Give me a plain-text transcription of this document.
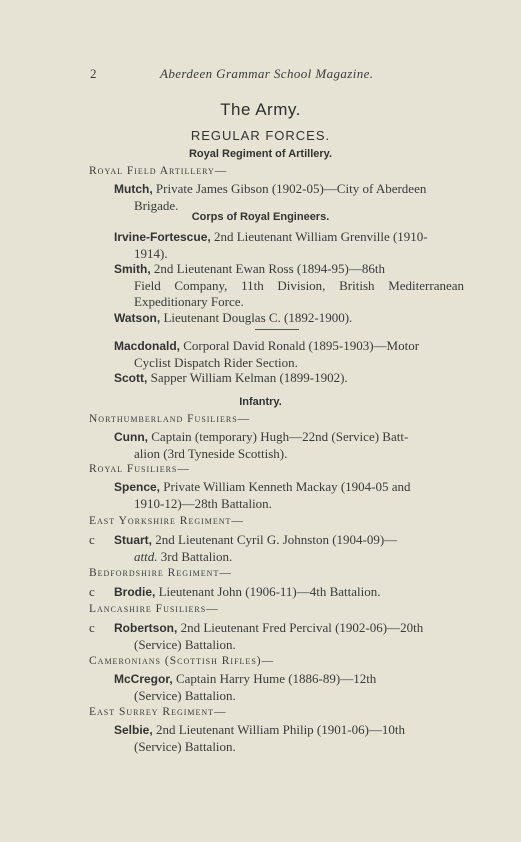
2	Aberdeen Grammar School Magazine.
The Army.
REGULAR FORCES.
Royal Regiment of Artillery.
Royal Field Artillery—
Mutch, Private James Gibson (1902-05)—City of Aberdeen
Brigade.
Corps of Royal Engineers.
Irvine-Fortescue, 2nd Lieutenant William Grenville (1910-
1914).
Smith, 2nd Lieutenant Ewan Ross (1894-95)—86th
Field Company, 11th Division, British Mediterranean Expeditionary Force.
Watson, Lieutenant Douglas C. (1892-1900).
Macdonald, Corporal David Ronald (1895-1903)—Motor
Cyclist Dispatch Rider Section.
Scott, Sapper William Kelman (1899-1902).
Infantry.
Northumberland Fusiliers—
Cunn, Captain (temporary) Hugh—22nd (Service) Batt-
alion (3rd Tyneside Scottish).
Royal Fusiliers—
Spence, Private William Kenneth Mackay (1904-05 and
1910-12)—28th Battalion.
East Yorkshire Regiment—
c Stuart, 2nd Lieutenant Cyril G. Johnston (1904-09)—
attd. 3rd Battalion.
Bedfordshire Regiment—
c Brodie, Lieutenant John (1906-11)—4th Battalion.
Lancashire Fusiliers—
c Robertson, 2nd Lieutenant Fred Percival (1902-06)—20th
(Service) Battalion.
Cameronians (Scottish Rifles)—
McCregor, Captain Harry Hume (1886-89)—12th
(Service) Battalion.
East Surrey Regiment—
Selbie, 2nd Lieutenant William Philip (1901-06)—10th
(Service) Battalion.
